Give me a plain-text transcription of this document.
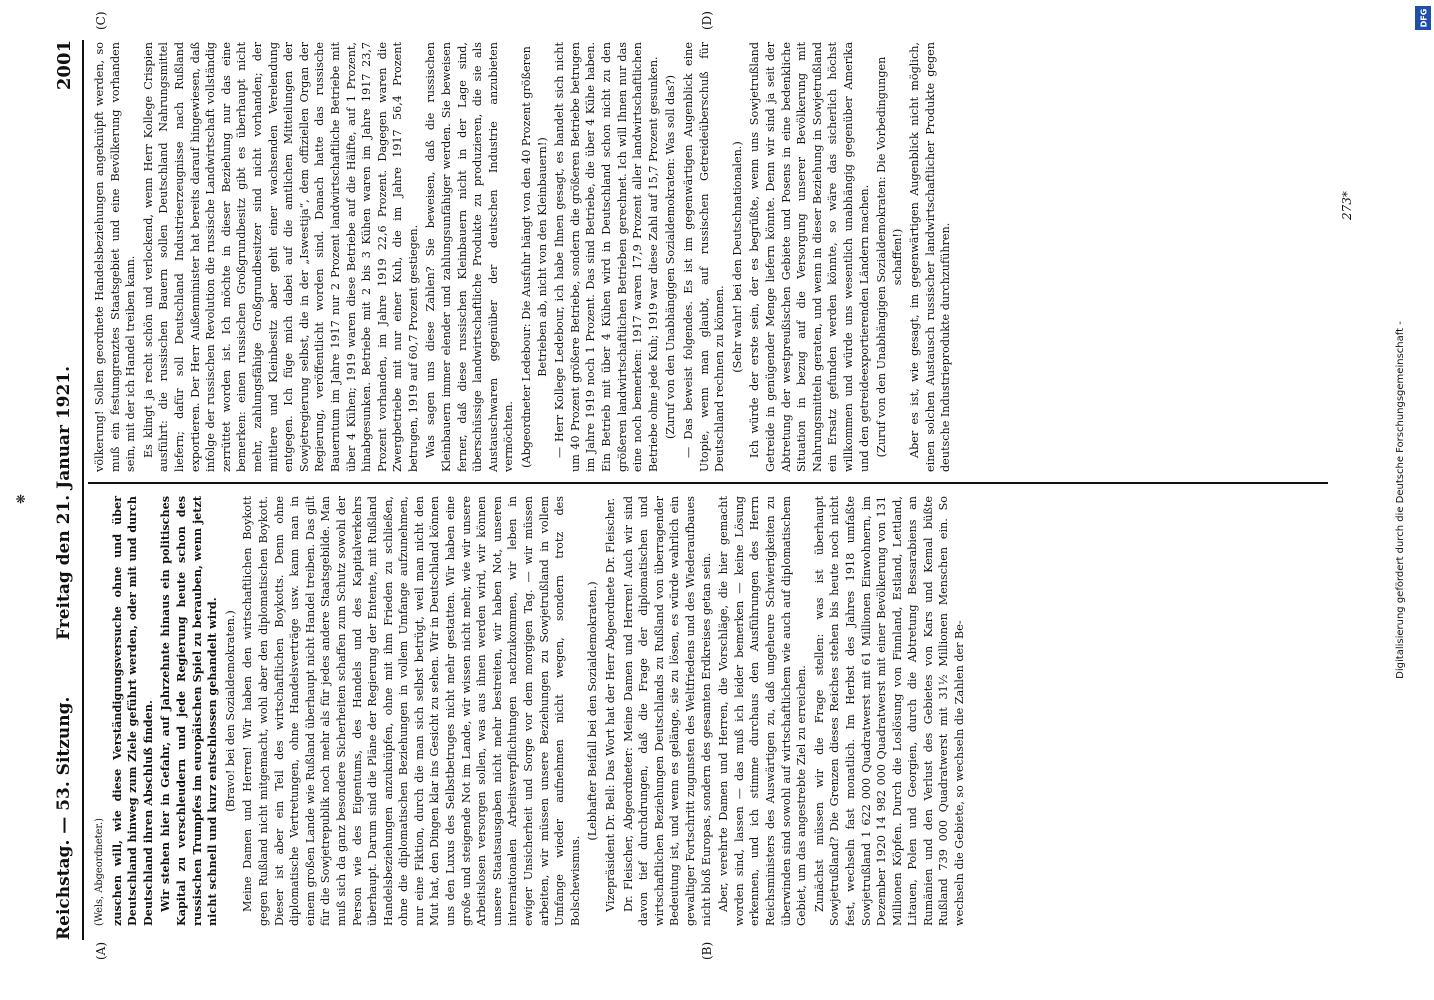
❋
Reichstag. — 53. Sitzung.
Freitag den 21. Januar 1921.
2001
(A)	(B)
(C)	(D)

(Wels, Abgeordneter.) zuschen will, wie diese Verständigungsversuche ohne und über Deutschland hinweg zum Ziele geführt werden, oder mit und durch Deutschland ihren Abschluß finden. Wir stehen hier in Gefahr, auf Jahrzehnte hinaus ein politisches Kapital zu verschleudern und jede Regierung heute schon des russischen Trumpfes im europäischen Spiel zu berauben, wenn jetzt nicht schnell und kurz entschlossen gehandelt wird. (Bravo! bei den Sozialdemokraten.) Meine Damen und Herren! Wir haben den wirtschaftlichen Boykott gegen Rußland nicht mitgemacht, wohl aber den diplomatischen Boykott. Dieser ist aber ein Teil des wirtschaftlichen Boykotts. Denn ohne diplomatische Vertretungen, ohne Handelsverträge usw. kann man in einem großen Lande wie Rußland überhaupt nicht Handel treiben. Das gilt für die Sowjetrepublik noch mehr als für jedes andere Staatsgebilde. Man muß sich da ganz besondere Sicherheiten schaffen zum Schutz sowohl der Person wie des Eigentums, des Handels und des Kapitalverkehrs überhaupt. Darum sind die Pläne der Regierung der Entente, mit Rußland Handelsbeziehungen anzuknüpfen, ohne mit ihm Frieden zu schließen, ohne die diplomatischen Beziehungen in vollem Umfange aufzunehmen, nur eine Fiktion, durch die man sich selbst betrügt, weil man nicht den Mut hat, den Dingen klar ins Gesicht zu sehen. Wir in Deutschland können uns den Luxus des Selbstbetruges nicht mehr gestatten. Wir haben eine große und steigende Not im Lande, wir wissen nicht mehr, wie wir unsere Arbeitslosen versorgen sollen, was aus ihnen werden wird, wir können unsere Staatsausgaben nicht mehr bestreiten, wir haben Not, unseren internationalen Arbeitsverpflichtungen nachzukommen, wir leben in ewiger Unsicherheit und Sorge vor dem morgigen Tag. — wir müssen arbeiten, wir müssen unsere Beziehungen zu Sowjetrußland in vollem Umfange wieder aufnehmen nicht wegen, sondern trotz des Bolschewismus.

(Lebhafter Beifall bei den Sozialdemokraten.) Vizepräsident Dr. Bell: Das Wort hat der Herr Abgeordnete Dr. Fleischer. Dr. Fleischer, Abgeordneter: Meine Damen und Herren! Auch wir sind davon tief durchdrungen, daß die Frage der diplomatischen und wirtschaftlichen Beziehungen Deutschlands zu Rußland von überragender Bedeutung ist, und wenn es gelänge, sie zu lösen, es würde wahrlich ein gewaltiger Fortschritt zugunsten des Weltfriedens und des Wiederaufbaues nicht bloß Europas, sondern des gesamten Erdkreises getan sein. Aber, verehrte Damen und Herren, die Vorschläge, die hier gemacht worden sind, lassen — das muß ich leider bemerken — keine Lösung erkennen, und ich stimme durchaus den Ausführungen des Herrn Reichsministers des Auswärtigen zu, daß ungeheure Schwierigkeiten zu überwinden sind sowohl auf wirtschaftlichem wie auch auf diplomatischem Gebiet, um das angestrebte Ziel zu erreichen. Zunächst müssen wir die Frage stellen: was ist überhaupt Sowjetrußland? Die Grenzen dieses Reiches stehen bis heute noch nicht fest, wechseln fast monatlich. Im Herbst des Jahres 1918 umfaßte Sowjetrußland 1 622 000 Quadratwerst mit 61 Millionen Einwohnern, im Dezember 1920 14 982 000 Quadratwerst mit einer Bevölkerung von 131 Millionen Köpfen. Durch die Loslösung von Finnland, Estland, Lettland, Litauen, Polen und Georgien, durch die Abtretung Bessarabiens an Rumänien und den Verlust des Gebietes von Kars und Kemal büßte Rußland 739 000 Quadratwerst mit 31½ Millionen Menschen ein. So wechseln die Gebiete, so wechseln die Zahlen der Be-

völkerung! Sollen geordnete Handelsbeziehungen angeknüpft werden, so muß ein festumgrenztes Staatsgebiet und eine Bevölkerung vorhanden sein, mit der ich Handel treiben kann. Es klingt ja recht schön und verlockend, wenn Herr Kollege Crispien ausführt: die russischen Bauern sollen Deutschland Nahrungsmittel liefern; dafür soll Deutschland Industrieerzeugnisse nach Rußland exportieren. Der Herr Außenminister hat bereits darauf hingewiesen, daß infolge der russischen Revolution die russische Landwirtschaft vollständig zerrüttet worden ist. Ich möchte in dieser Beziehung nur das eine bemerken: einen russischen Großgrundbesitz gibt es überhaupt nicht mehr, zahlungsfähige Großgrundbesitzer sind nicht vorhanden; der mittlere und Kleinbesitz aber geht einer wachsenden Verelendung entgegen. Ich füge mich dabei auf die amtlichen Mitteilungen der Sowjetregierung selbst, die in der „Iswestija“, dem offiziellen Organ der Regierung, veröffentlicht worden sind. Danach hatte das russische Bauerntum im Jahre 1917 nur 2 Prozent landwirtschaftliche Betriebe mit über 4 Kühen; 1919 waren diese Betriebe auf die Hälfte, auf 1 Prozent, hinabgesunken. Betriebe mit 2 bis 3 Kühen waren im Jahre 1917 23,7 Prozent vorhanden, im Jahre 1919 22,6 Prozent. Dagegen waren die Zwergbetriebe mit nur einer Kuh, die im Jahre 1917 56,4 Prozent betrugen, 1919 auf 60,7 Prozent gestiegen. Was sagen uns diese Zahlen? Sie beweisen, daß die russischen Kleinbauern immer elender und zahlungsunfähiger werden. Sie beweisen ferner, daß diese russischen Kleinbauern nicht in der Lage sind, überschüssige landwirtschaftliche Produkte zu produzieren, die sie als Austauschwaren gegenüber der deutschen Industrie anzubieten vermöchten. (Abgeordneter Ledebour: Die Ausfuhr hängt von den 40 Prozent größeren Betrieben ab, nicht von den Kleinbauern!) — Herr Kollege Ledebour, ich habe Ihnen gesagt, es handelt sich nicht um 40 Prozent größere Betriebe, sondern die größeren Betriebe betrugen im Jahre 1919 noch 1 Prozent. Das sind Betriebe, die über 4 Kühe haben. Ein Betrieb mit über 4 Kühen wird in Deutschland schon nicht zu den größeren landwirtschaftlichen Betrieben gerechnet. Ich will Ihnen nur das eine noch bemerken: 1917 waren 17,9 Prozent aller landwirtschaftlichen Betriebe ohne jede Kuh; 1919 war diese Zahl auf 15,7 Prozent gesunken. (Zuruf von den Unabhängigen Sozialdemokraten: Was soll das?) — Das beweist folgendes. Es ist im gegenwärtigen Augenblick eine Utopie, wenn man glaubt, auf russischen Getreideüberschuß für Deutschland rechnen zu können.

(Sehr wahr! bei den Deutschnationalen.) Ich würde der erste sein, der es begrüßte, wenn uns Sowjetrußland Getreide in genügender Menge liefern könnte. Denn wir sind ja seit der Abtretung der westpreußischen Gebiete und Posens in eine bedenkliche Situation in bezug auf die Versorgung unserer Bevölkerung mit Nahrungsmitteln geraten, und wenn in dieser Beziehung in Sowjetrußland ein Ersatz gefunden werden könnte, so wäre das sicherlich höchst willkommen und würde uns wesentlich unabhängig gegenüber Amerika und den getreideexportierenden Ländern machen. (Zuruf von den Unabhängigen Sozialdemokraten: Die Vorbedingungen schaffen!) Aber es ist, wie gesagt, im gegenwärtigen Augenblick nicht möglich, einen solchen Austausch russischer landwirtschaftlicher Produkte gegen deutsche Industrieprodukte durchzuführen.

273*
Digitalisierung gefördert durch die Deutsche Forschungsgemeinschaft -
DFG
